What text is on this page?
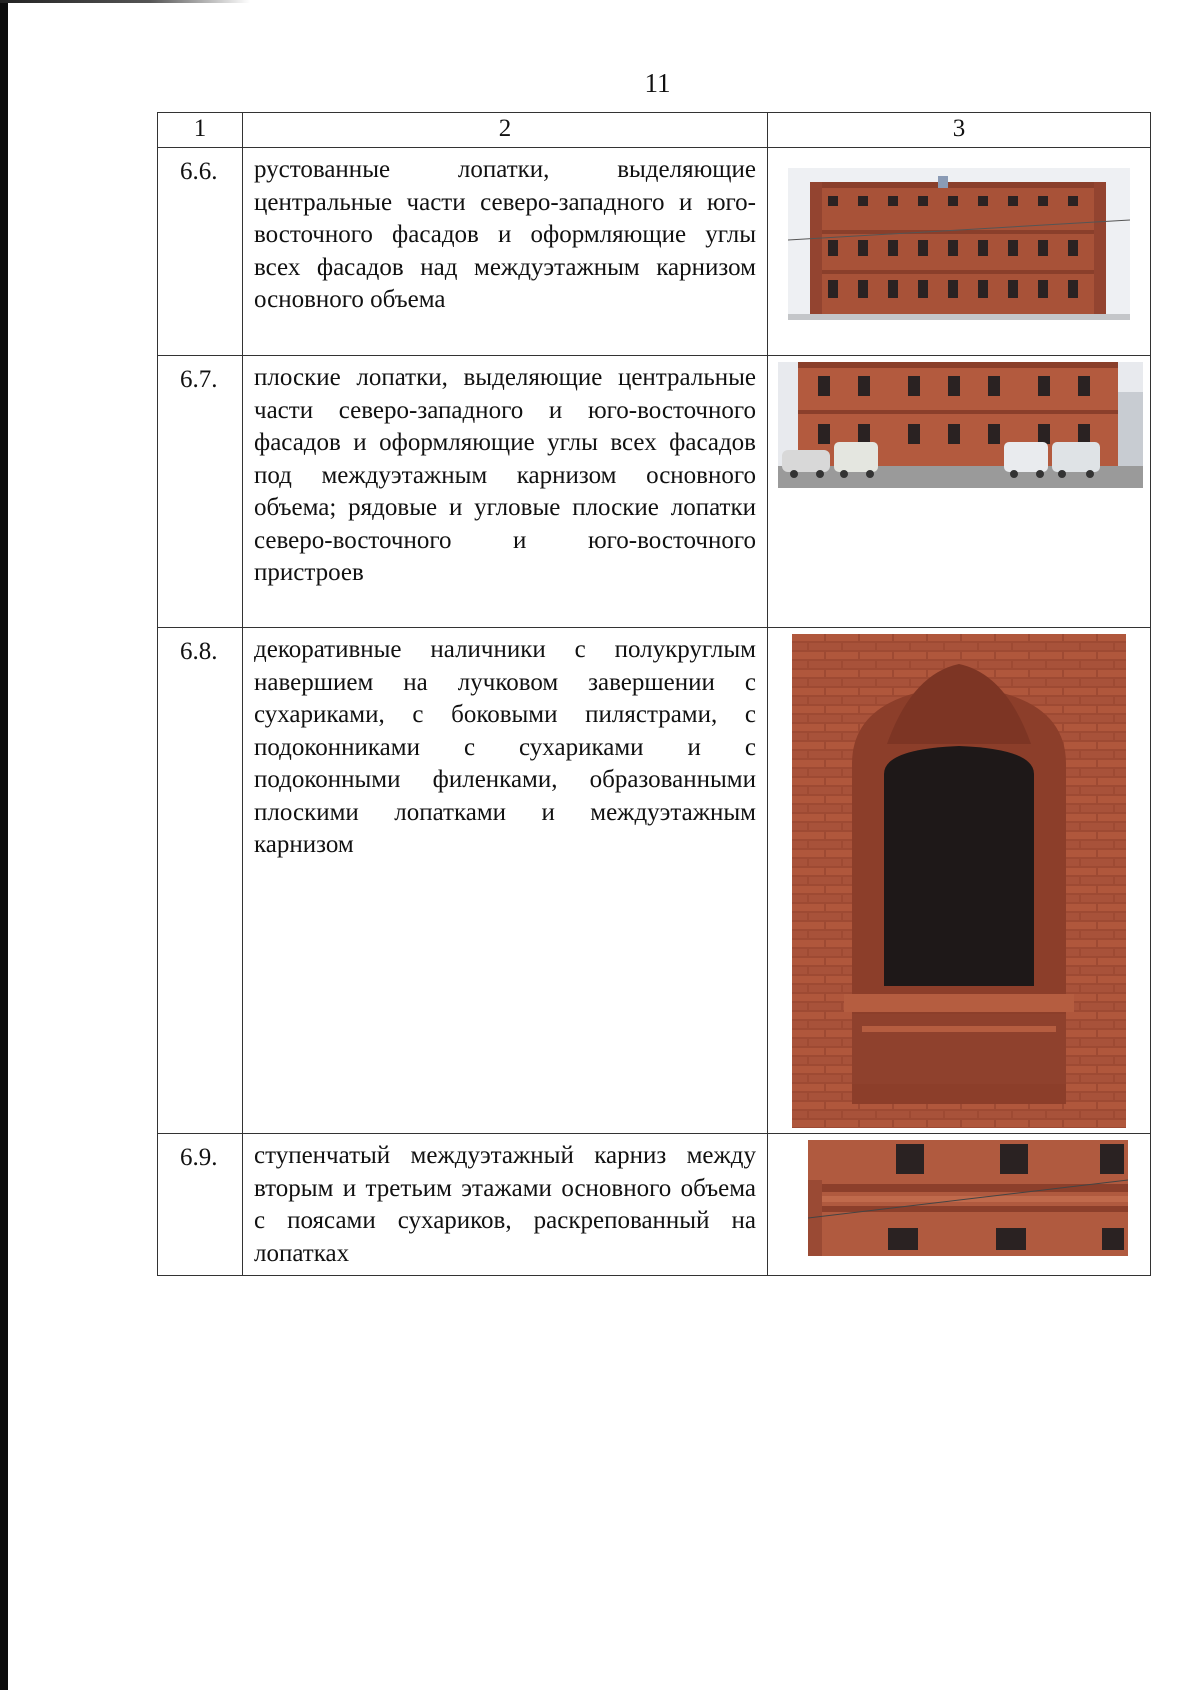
11
1	2	3
6.6.	рустованные лопатки, выделяющие центральные части северо-западного и юго-восточного фасадов и оформляющие углы всех фасадов над междуэтажным карнизом основного объема	

6.7.	плоские лопатки, выделяющие центральные части северо-западного и юго-восточного фасадов и оформляющие углы всех фасадов под междуэтажным карнизом основного объема; рядовые и угловые плоские лопатки северо-восточного и юго-восточного пристроев	

6.8.	декоративные наличники с полукруглым навершием на лучковом завершении с сухариками, с боковыми пилястрами, с подоконниками с сухариками и с подоконными филенками, образованными плоскими лопатками и междуэтажным карнизом	

6.9.	ступенчатый междуэтажный карниз между вторым и третьим этажами основного объема с поясами сухариков, раскрепованный на лопатках	
